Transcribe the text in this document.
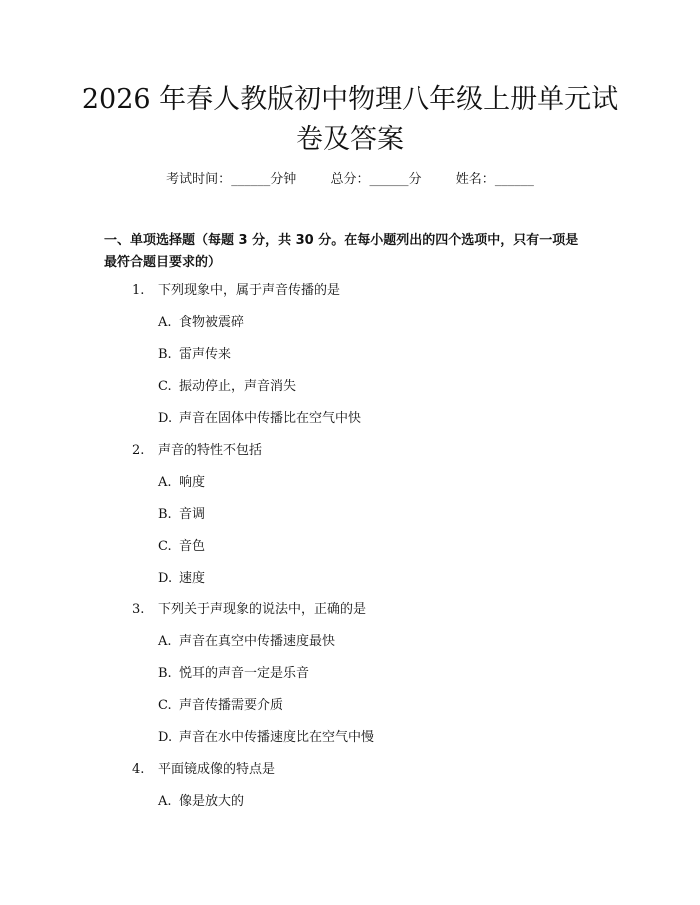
2026 年春人教版初中物理八年级上册单元试
卷及答案
考试时间：______分钟	总分：______分	姓名：______
一、单项选择题（每题 3 分，共 30 分。在每小题列出的四个选项中，只有一项是
最符合题目要求的）
1. 下列现象中，属于声音传播的是
A. 食物被震碎
B. 雷声传来
C. 振动停止，声音消失
D. 声音在固体中传播比在空气中快
2. 声音的特性不包括
A. 响度
B. 音调
C. 音色
D. 速度
3. 下列关于声现象的说法中，正确的是
A. 声音在真空中传播速度最快
B. 悦耳的声音一定是乐音
C. 声音传播需要介质
D. 声音在水中传播速度比在空气中慢
4. 平面镜成像的特点是
A. 像是放大的
